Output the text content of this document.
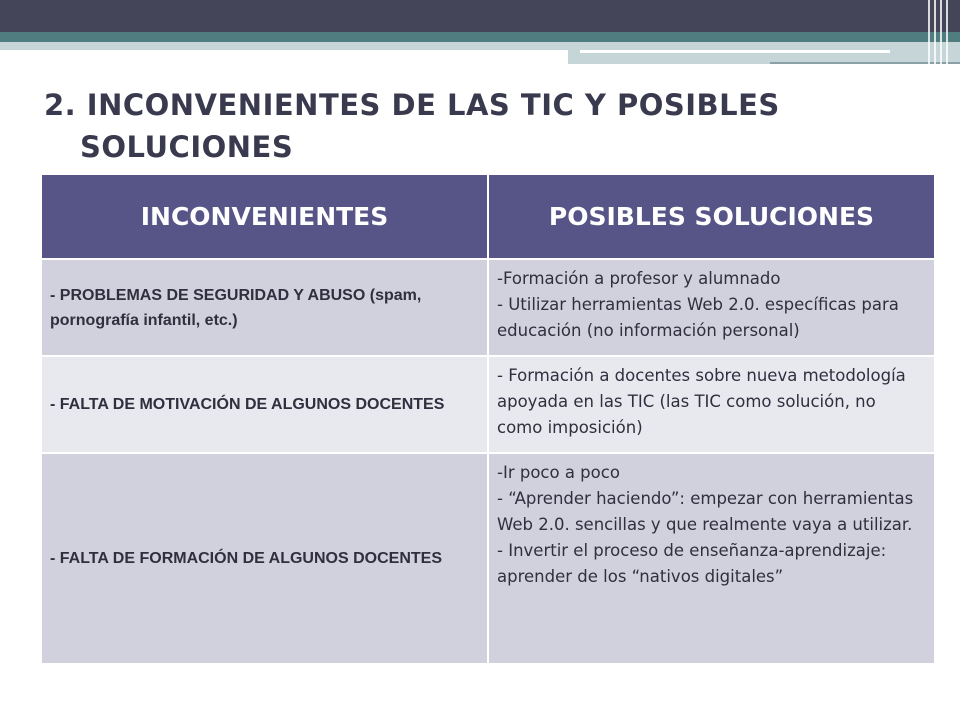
2. INCONVENIENTES DE LAS TIC Y POSIBLES
SOLUCIONES
INCONVENIENTES	POSIBLES SOLUCIONES
- PROBLEMAS DE SEGURIDAD Y ABUSO (spam, pornografía infantil, etc.)	-Formación a profesor y alumnado
- Utilizar herramientas Web 2.0. específicas para educación (no información personal)

- FALTA DE MOTIVACIÓN DE ALGUNOS DOCENTES	- Formación a docentes sobre nueva metodología apoyada en las TIC (las TIC como solución, no como imposición)

- FALTA DE FORMACIÓN DE ALGUNOS DOCENTES	-Ir poco a poco
- “Aprender haciendo”: empezar con herramientas Web 2.0. sencillas y que realmente vaya a utilizar.
- Invertir el proceso de enseñanza-aprendizaje: aprender de los “nativos digitales”
